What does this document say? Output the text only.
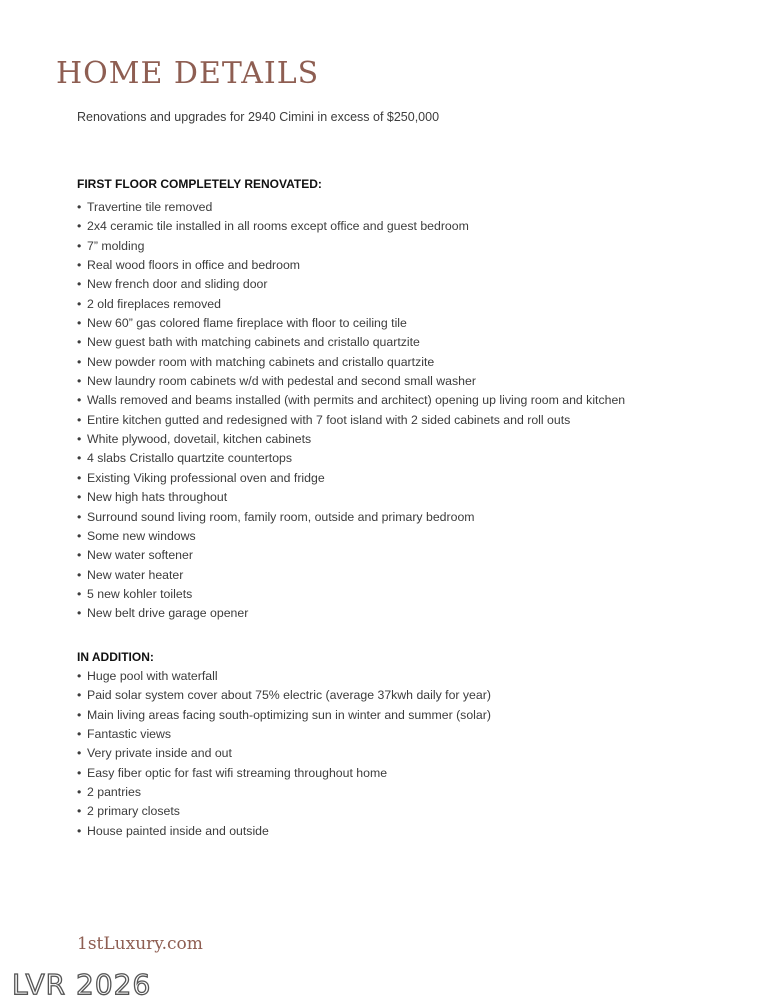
HOME DETAILS
Renovations and upgrades for 2940 Cimini in excess of $250,000
FIRST FLOOR COMPLETELY RENOVATED:
• Travertine tile removed
• 2x4 ceramic tile installed in all rooms except office and guest bedroom
• 7” molding
• Real wood floors in office and bedroom
• New french door and sliding door
• 2 old fireplaces removed
• New 60” gas colored flame fireplace with floor to ceiling tile
• New guest bath with matching cabinets and cristallo quartzite
• New powder room with matching cabinets and cristallo quartzite
• New laundry room cabinets w/d with pedestal and second small washer
• Walls removed and beams installed (with permits and architect) opening up living room and kitchen
• Entire kitchen gutted and redesigned with 7 foot island with 2 sided cabinets and roll outs
• White plywood, dovetail, kitchen cabinets
• 4 slabs Cristallo quartzite countertops
• Existing Viking professional oven and fridge
• New high hats throughout
• Surround sound living room, family room, outside and primary bedroom
• Some new windows
• New water softener
• New water heater
• 5 new kohler toilets
• New belt drive garage opener
IN ADDITION:
• Huge pool with waterfall
• Paid solar system cover about 75% electric (average 37kwh daily for year)
• Main living areas facing south-optimizing sun in winter and summer (solar)
• Fantastic views
• Very private inside and out
• Easy fiber optic for fast wifi streaming throughout home
• 2 pantries
• 2 primary closets
• House painted inside and outside
1stLuxury.com
LVR 2026
